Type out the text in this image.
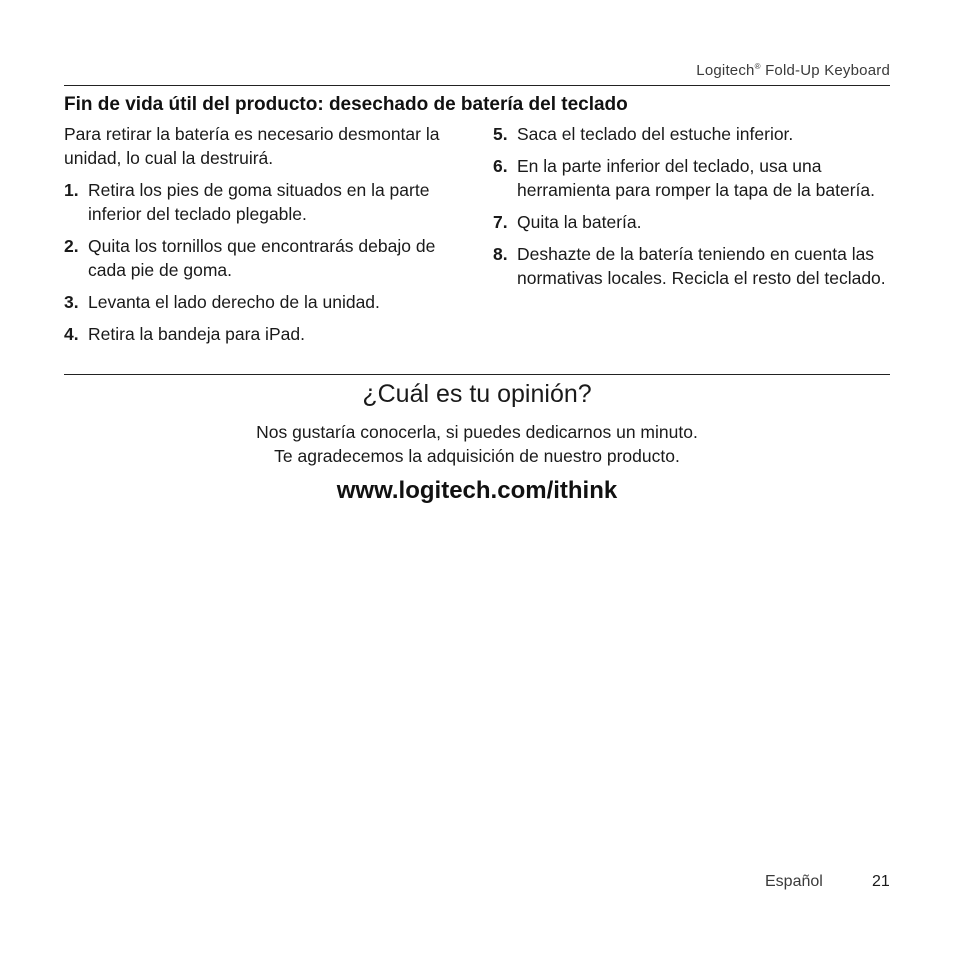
Logitech® Fold-Up Keyboard
Fin de vida útil del producto: desechado de batería del teclado

Para retirar la batería es necesario desmontar la unidad, lo cual la destruirá.

1. Retira los pies de goma situados en la parte inferior del teclado plegable.
2. Quita los tornillos que encontrarás debajo de cada pie de goma.
3. Levanta el lado derecho de la unidad.
4. Retira la bandeja para iPad.
5. Saca el teclado del estuche inferior.
6. En la parte inferior del teclado, usa una herramienta para romper la tapa de la batería.
7. Quita la batería.
8. Deshazte de la batería teniendo en cuenta las normativas locales. Recicla el resto del teclado.
¿Cuál es tu opinión?
Nos gustaría conocerla, si puedes dedicarnos un minuto.
Te agradecemos la adquisición de nuestro producto.
www.logitech.com/ithink
Español	21
